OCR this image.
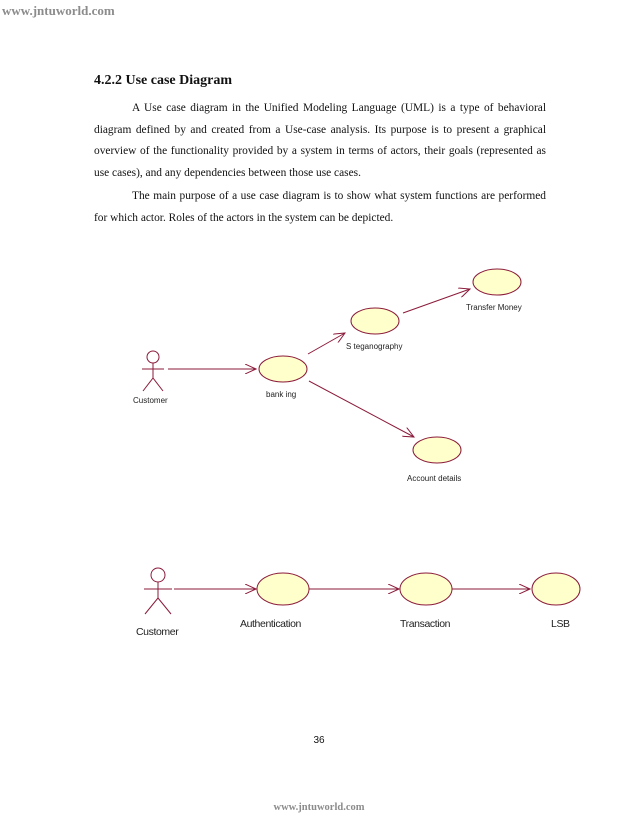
www.jntuworld.com
4.2.2 Use case Diagram
A Use case diagram in the Unified Modeling Language (UML) is a type of behavioral diagram defined by and created from a Use-case analysis. Its purpose is to present a graphical overview of the functionality provided by a system in terms of actors, their goals (represented as use cases), and any dependencies between those use cases.
The main purpose of a use case diagram is to show what system functions are performed for which actor. Roles of the actors in the system can be depicted.
Customer
bank ing
S teganography
Transfer Money
Account details
Customer
Authentication	Transaction	LSB
36
www.jntuworld.com
